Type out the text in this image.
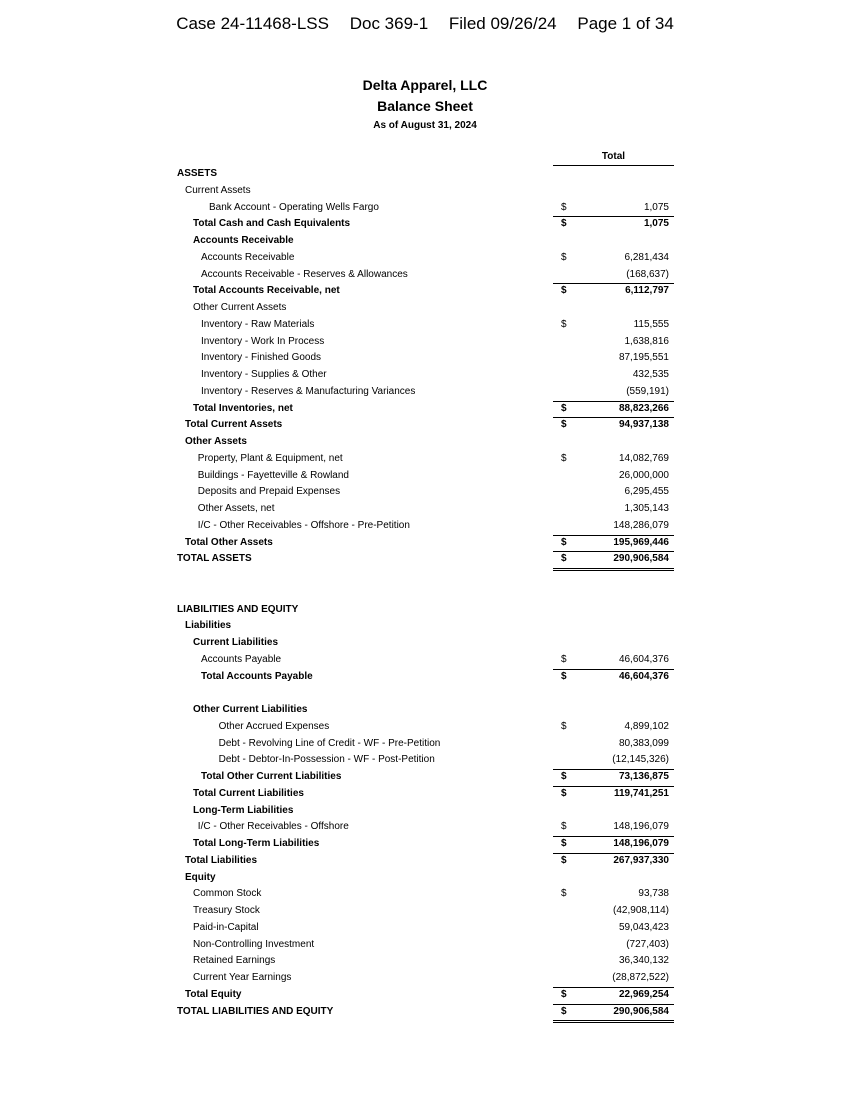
Case 24-11468-LSS Doc 369-1 Filed 09/26/24 Page 1 of 34
Delta Apparel, LLC
Balance Sheet
As of August 31, 2024
Total
ASSETS
Current Assets
Bank Account - Operating Wells Fargo	$	1,075
Total Cash and Cash Equivalents	$	1,075
Accounts Receivable
Accounts Receivable	$	6,281,434
Accounts Receivable - Reserves & Allowances	(168,637)
Total Accounts Receivable, net	$	6,112,797
Other Current Assets
Inventory - Raw Materials	$	115,555
Inventory - Work In Process	1,638,816
Inventory - Finished Goods	87,195,551
Inventory - Supplies & Other	432,535
Inventory - Reserves & Manufacturing Variances	(559,191)
Total Inventories, net	$	88,823,266
Total Current Assets	$	94,937,138
Other Assets
Property, Plant & Equipment, net	$	14,082,769
Buildings - Fayetteville & Rowland	26,000,000
Deposits and Prepaid Expenses	6,295,455
Other Assets, net	1,305,143
I/C - Other Receivables - Offshore - Pre-Petition	148,286,079
Total Other Assets	$	195,969,446
TOTAL ASSETS	$	290,906,584
LIABILITIES AND EQUITY
Liabilities
Current Liabilities
Accounts Payable	$	46,604,376
Total Accounts Payable	$	46,604,376
Other Current Liabilities
Other Accrued Expenses	$	4,899,102
Debt - Revolving Line of Credit - WF - Pre-Petition	80,383,099
Debt - Debtor-In-Possession - WF - Post-Petition	(12,145,326)
Total Other Current Liabilities	$	73,136,875
Total Current Liabilities	$	119,741,251
Long-Term Liabilities
I/C - Other Receivables - Offshore	$	148,196,079
Total Long-Term Liabilities	$	148,196,079
Total Liabilities	$	267,937,330
Equity
Common Stock	$	93,738
Treasury Stock	(42,908,114)
Paid-in-Capital	59,043,423
Non-Controlling Investment	(727,403)
Retained Earnings	36,340,132
Current Year Earnings	(28,872,522)
Total Equity	$	22,969,254
TOTAL LIABILITIES AND EQUITY	$	290,906,584
